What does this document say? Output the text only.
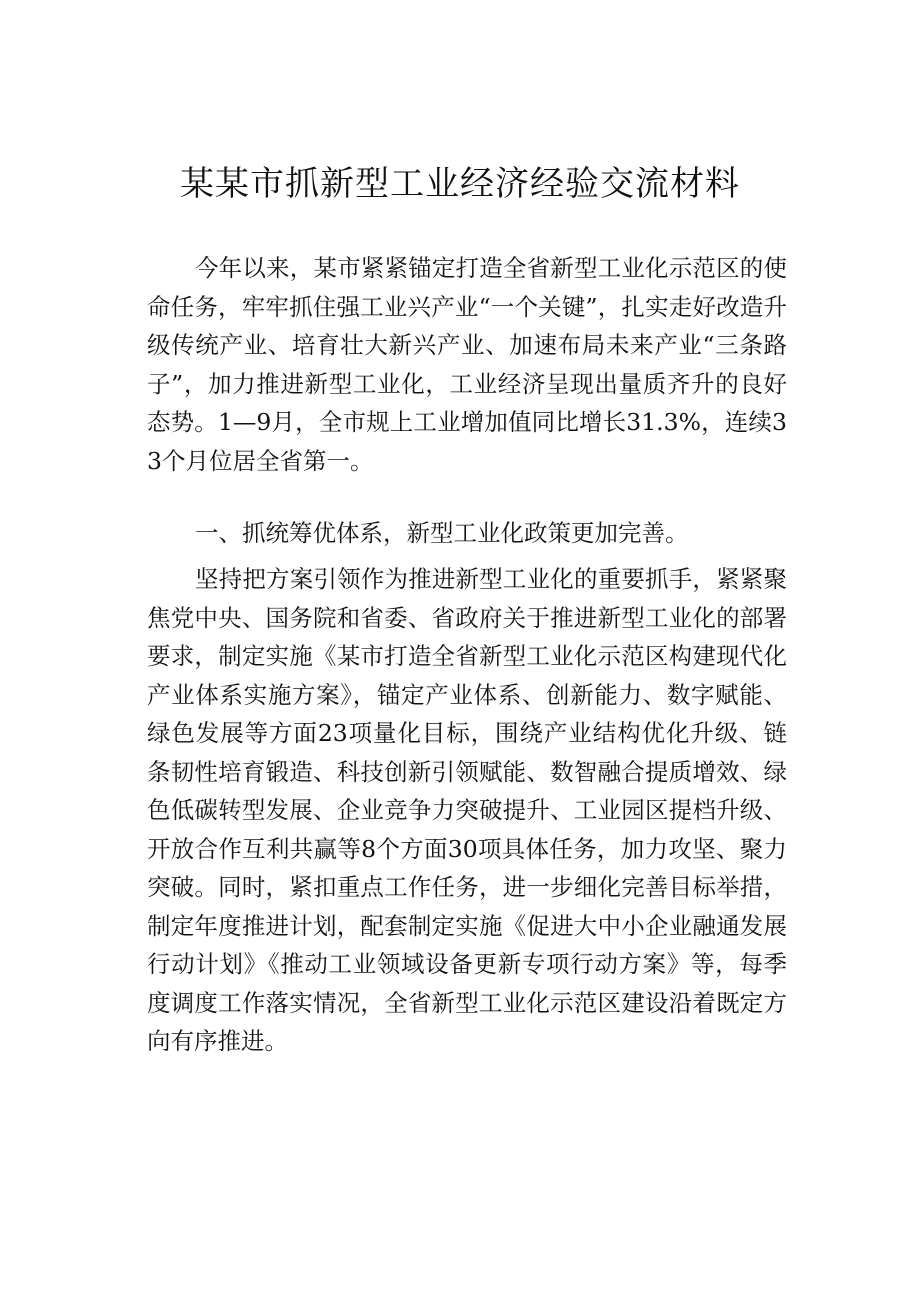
某某市抓新型工业经济经验交流材料

今年以来，某市紧紧锚定打造全省新型工业化示范区的使命任务，牢牢抓住强工业兴产业“一个关键”，扎实走好改造升级传统产业、培育壮大新兴产业、加速布局未来产业“三条路子”，加力推进新型工业化，工业经济呈现出量质齐升的良好态势。1—9月，全市规上工业增加值同比增长31.3%，连续33个月位居全省第一。

一、抓统筹优体系，新型工业化政策更加完善。

坚持把方案引领作为推进新型工业化的重要抓手，紧紧聚焦党中央、国务院和省委、省政府关于推进新型工业化的部署要求，制定实施《某市打造全省新型工业化示范区构建现代化产业体系实施方案》，锚定产业体系、创新能力、数字赋能、绿色发展等方面23项量化目标，围绕产业结构优化升级、链条韧性培育锻造、科技创新引领赋能、数智融合提质增效、绿色低碳转型发展、企业竞争力突破提升、工业园区提档升级、开放合作互利共赢等8个方面30项具体任务，加力攻坚、聚力突破。同时，紧扣重点工作任务，进一步细化完善目标举措，制定年度推进计划，配套制定实施《促进大中小企业融通发展行动计划》《推动工业领域设备更新专项行动方案》等，每季度调度工作落实情况，全省新型工业化示范区建设沿着既定方向有序推进。
